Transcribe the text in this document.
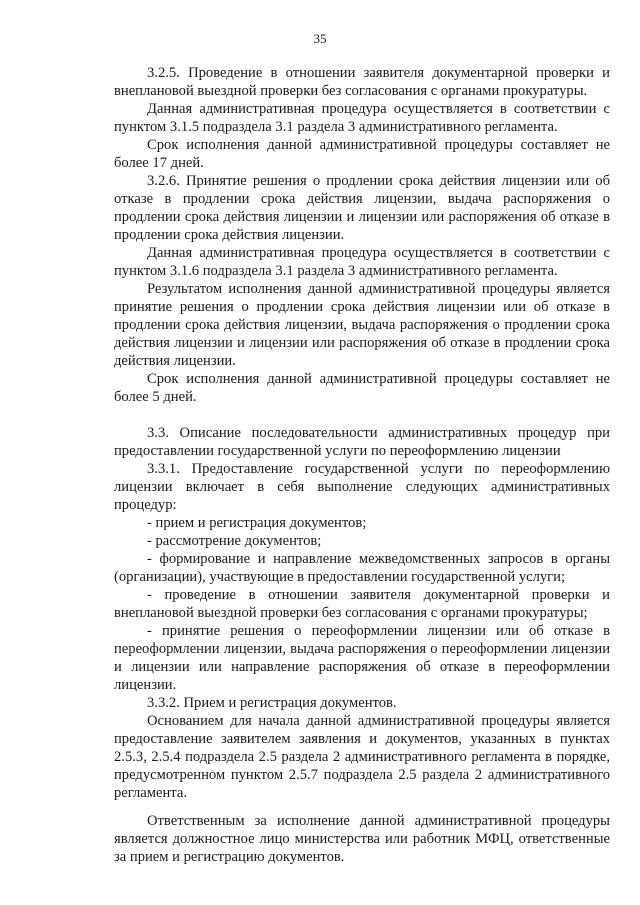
35

3.2.5. Проведение в отношении заявителя документарной проверки и внеплановой выездной проверки без согласования с органами прокуратуры.

Данная административная процедура осуществляется в соответствии с пунктом 3.1.5 подраздела 3.1 раздела 3 административного регламента.

Срок исполнения данной административной процедуры составляет не более 17 дней.

3.2.6. Принятие решения о продлении срока действия лицензии или об отказе в продлении срока действия лицензии, выдача распоряжения о продлении срока действия лицензии и лицензии или распоряжения об отказе в продлении срока действия лицензии.

Данная административная процедура осуществляется в соответствии с пунктом 3.1.6 подраздела 3.1 раздела 3 административного регламента.

Результатом исполнения данной административной процедуры является принятие решения о продлении срока действия лицензии или об отказе в продлении срока действия лицензии, выдача распоряжения о продлении срока действия лицензии и лицензии или распоряжения об отказе в продлении срока действия лицензии.

Срок исполнения данной административной процедуры составляет не более 5 дней.

3.3. Описание последовательности административных процедур при предоставлении государственной услуги по переоформлению лицензии

3.3.1. Предоставление государственной услуги по переоформлению лицензии включает в себя выполнение следующих административных процедур:

- прием и регистрация документов;

- рассмотрение документов;

- формирование и направление межведомственных запросов в органы (организации), участвующие в предоставлении государственной услуги;

- проведение в отношении заявителя документарной проверки и внеплановой выездной проверки без согласования с органами прокуратуры;

- принятие решения о переоформлении лицензии или об отказе в переоформлении лицензии, выдача распоряжения о переоформлении лицензии и лицензии или направление распоряжения об отказе в переоформлении лицензии.

3.3.2. Прием и регистрация документов.

Основанием для начала данной административной процедуры является предоставление заявителем заявления и документов, указанных в пунктах 2.5.3, 2.5.4 подраздела 2.5 раздела 2 административного регламента в порядке, предусмотренном пунктом 2.5.7 подраздела 2.5 раздела 2 административного регламента.

Ответственным за исполнение данной административной процедуры является должностное лицо министерства или работник МФЦ, ответственные за прием и регистрацию документов.
